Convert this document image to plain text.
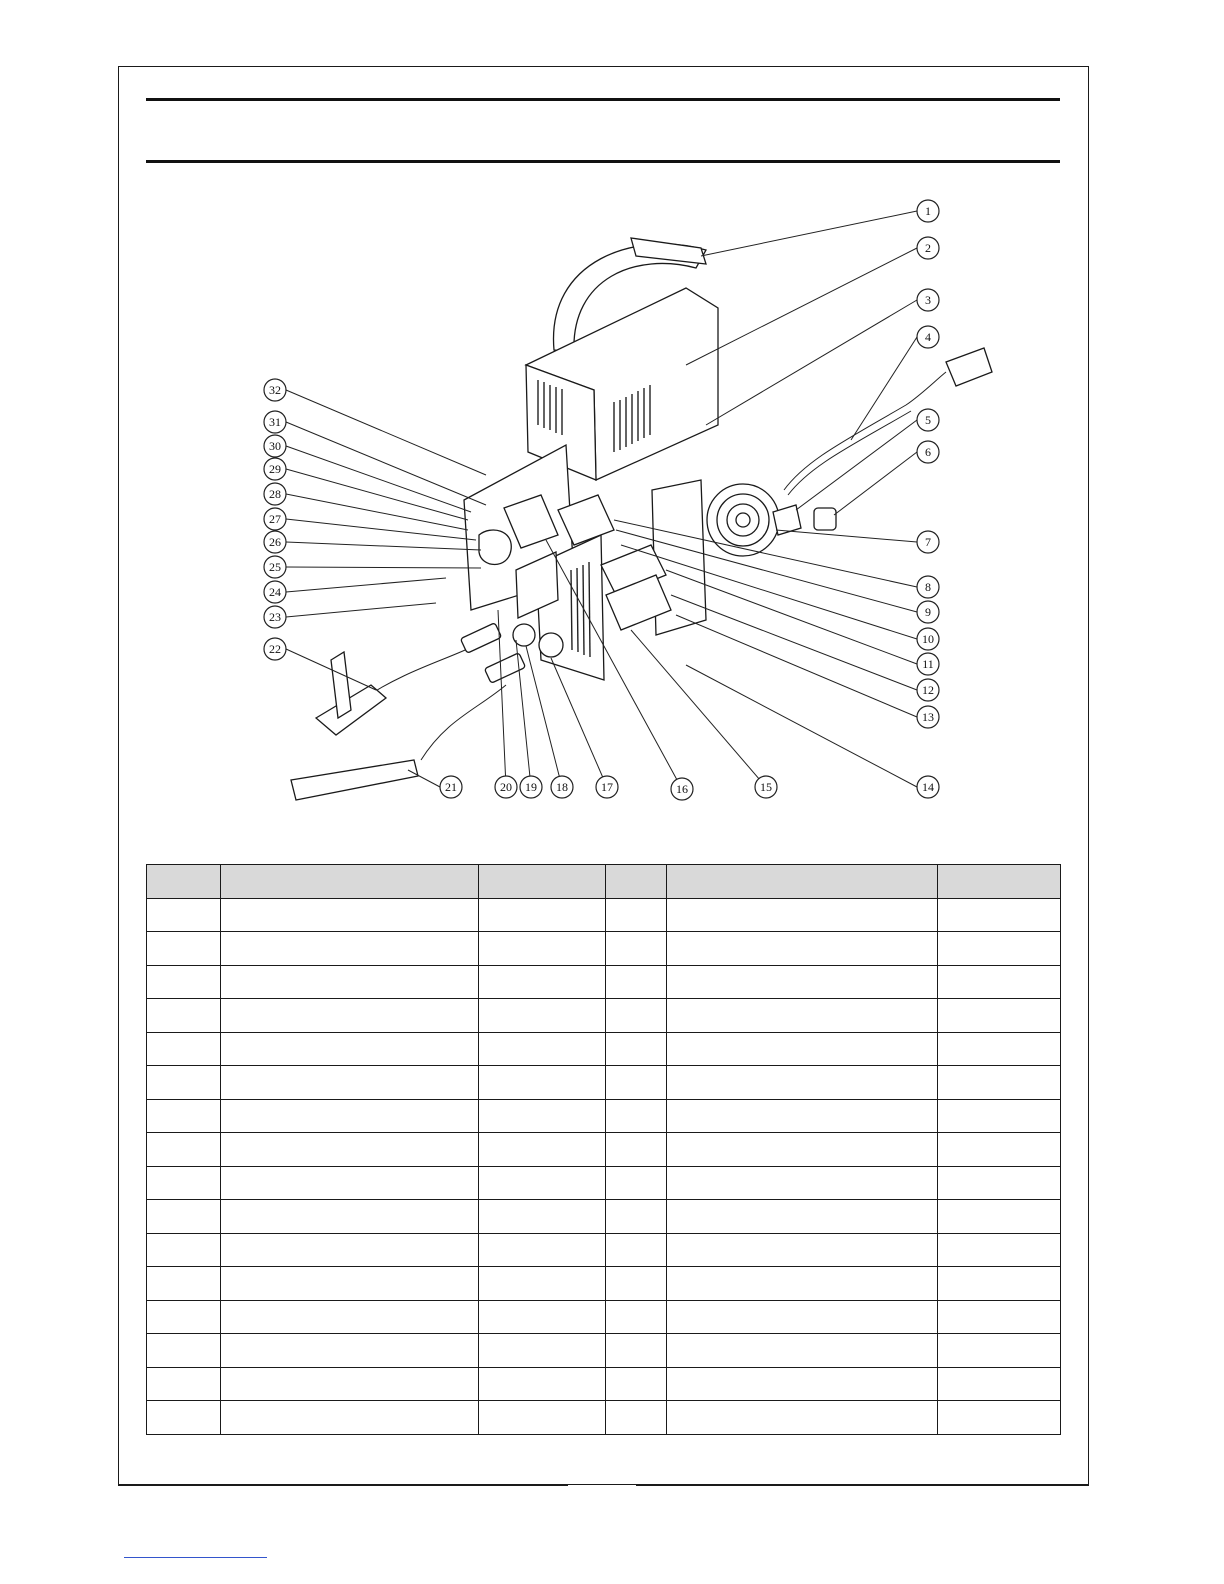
1
2
3
4
5
6
7
8
9
10
11
12
13
14
15
16
17
18
19
20
21
22
23
24
25
26
27
28
29
30
31
32
